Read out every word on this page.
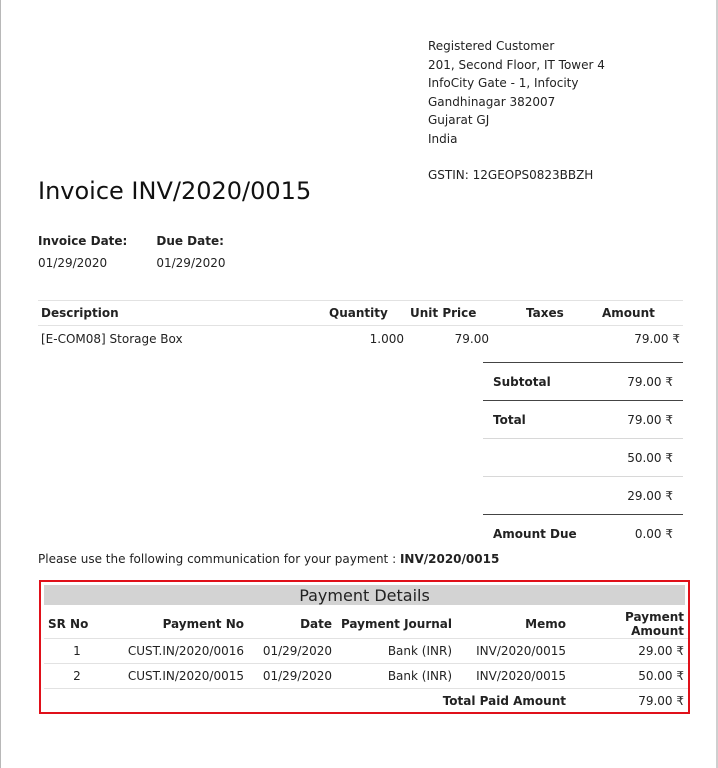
Registered Customer
201, Second Floor, IT Tower 4
InfoCity Gate - 1, Infocity
Gandhinagar 382007
Gujarat GJ
India
GSTIN: 12GEOPS0823BBZH
Invoice INV/2020/0015
Invoice Date:
01/29/2020
Due Date:
01/29/2020
Description	Quantity	Unit Price	Taxes	Amount
[E-COM08] Storage Box	1.000	79.00		79.00 ₹
Subtotal	79.00 ₹
Total	79.00 ₹
	50.00 ₹
	29.00 ₹
Amount Due	0.00 ₹
Please use the following communication for your payment : INV/2020/0015
Payment Details
SR No	Payment No	Date	Payment Journal	Memo	Payment Amount
1	CUST.IN/2020/0016	01/29/2020	Bank (INR)	INV/2020/0015	29.00 ₹
2	CUST.IN/2020/0015	01/29/2020	Bank (INR)	INV/2020/0015	50.00 ₹
Total Paid Amount					79.00 ₹
